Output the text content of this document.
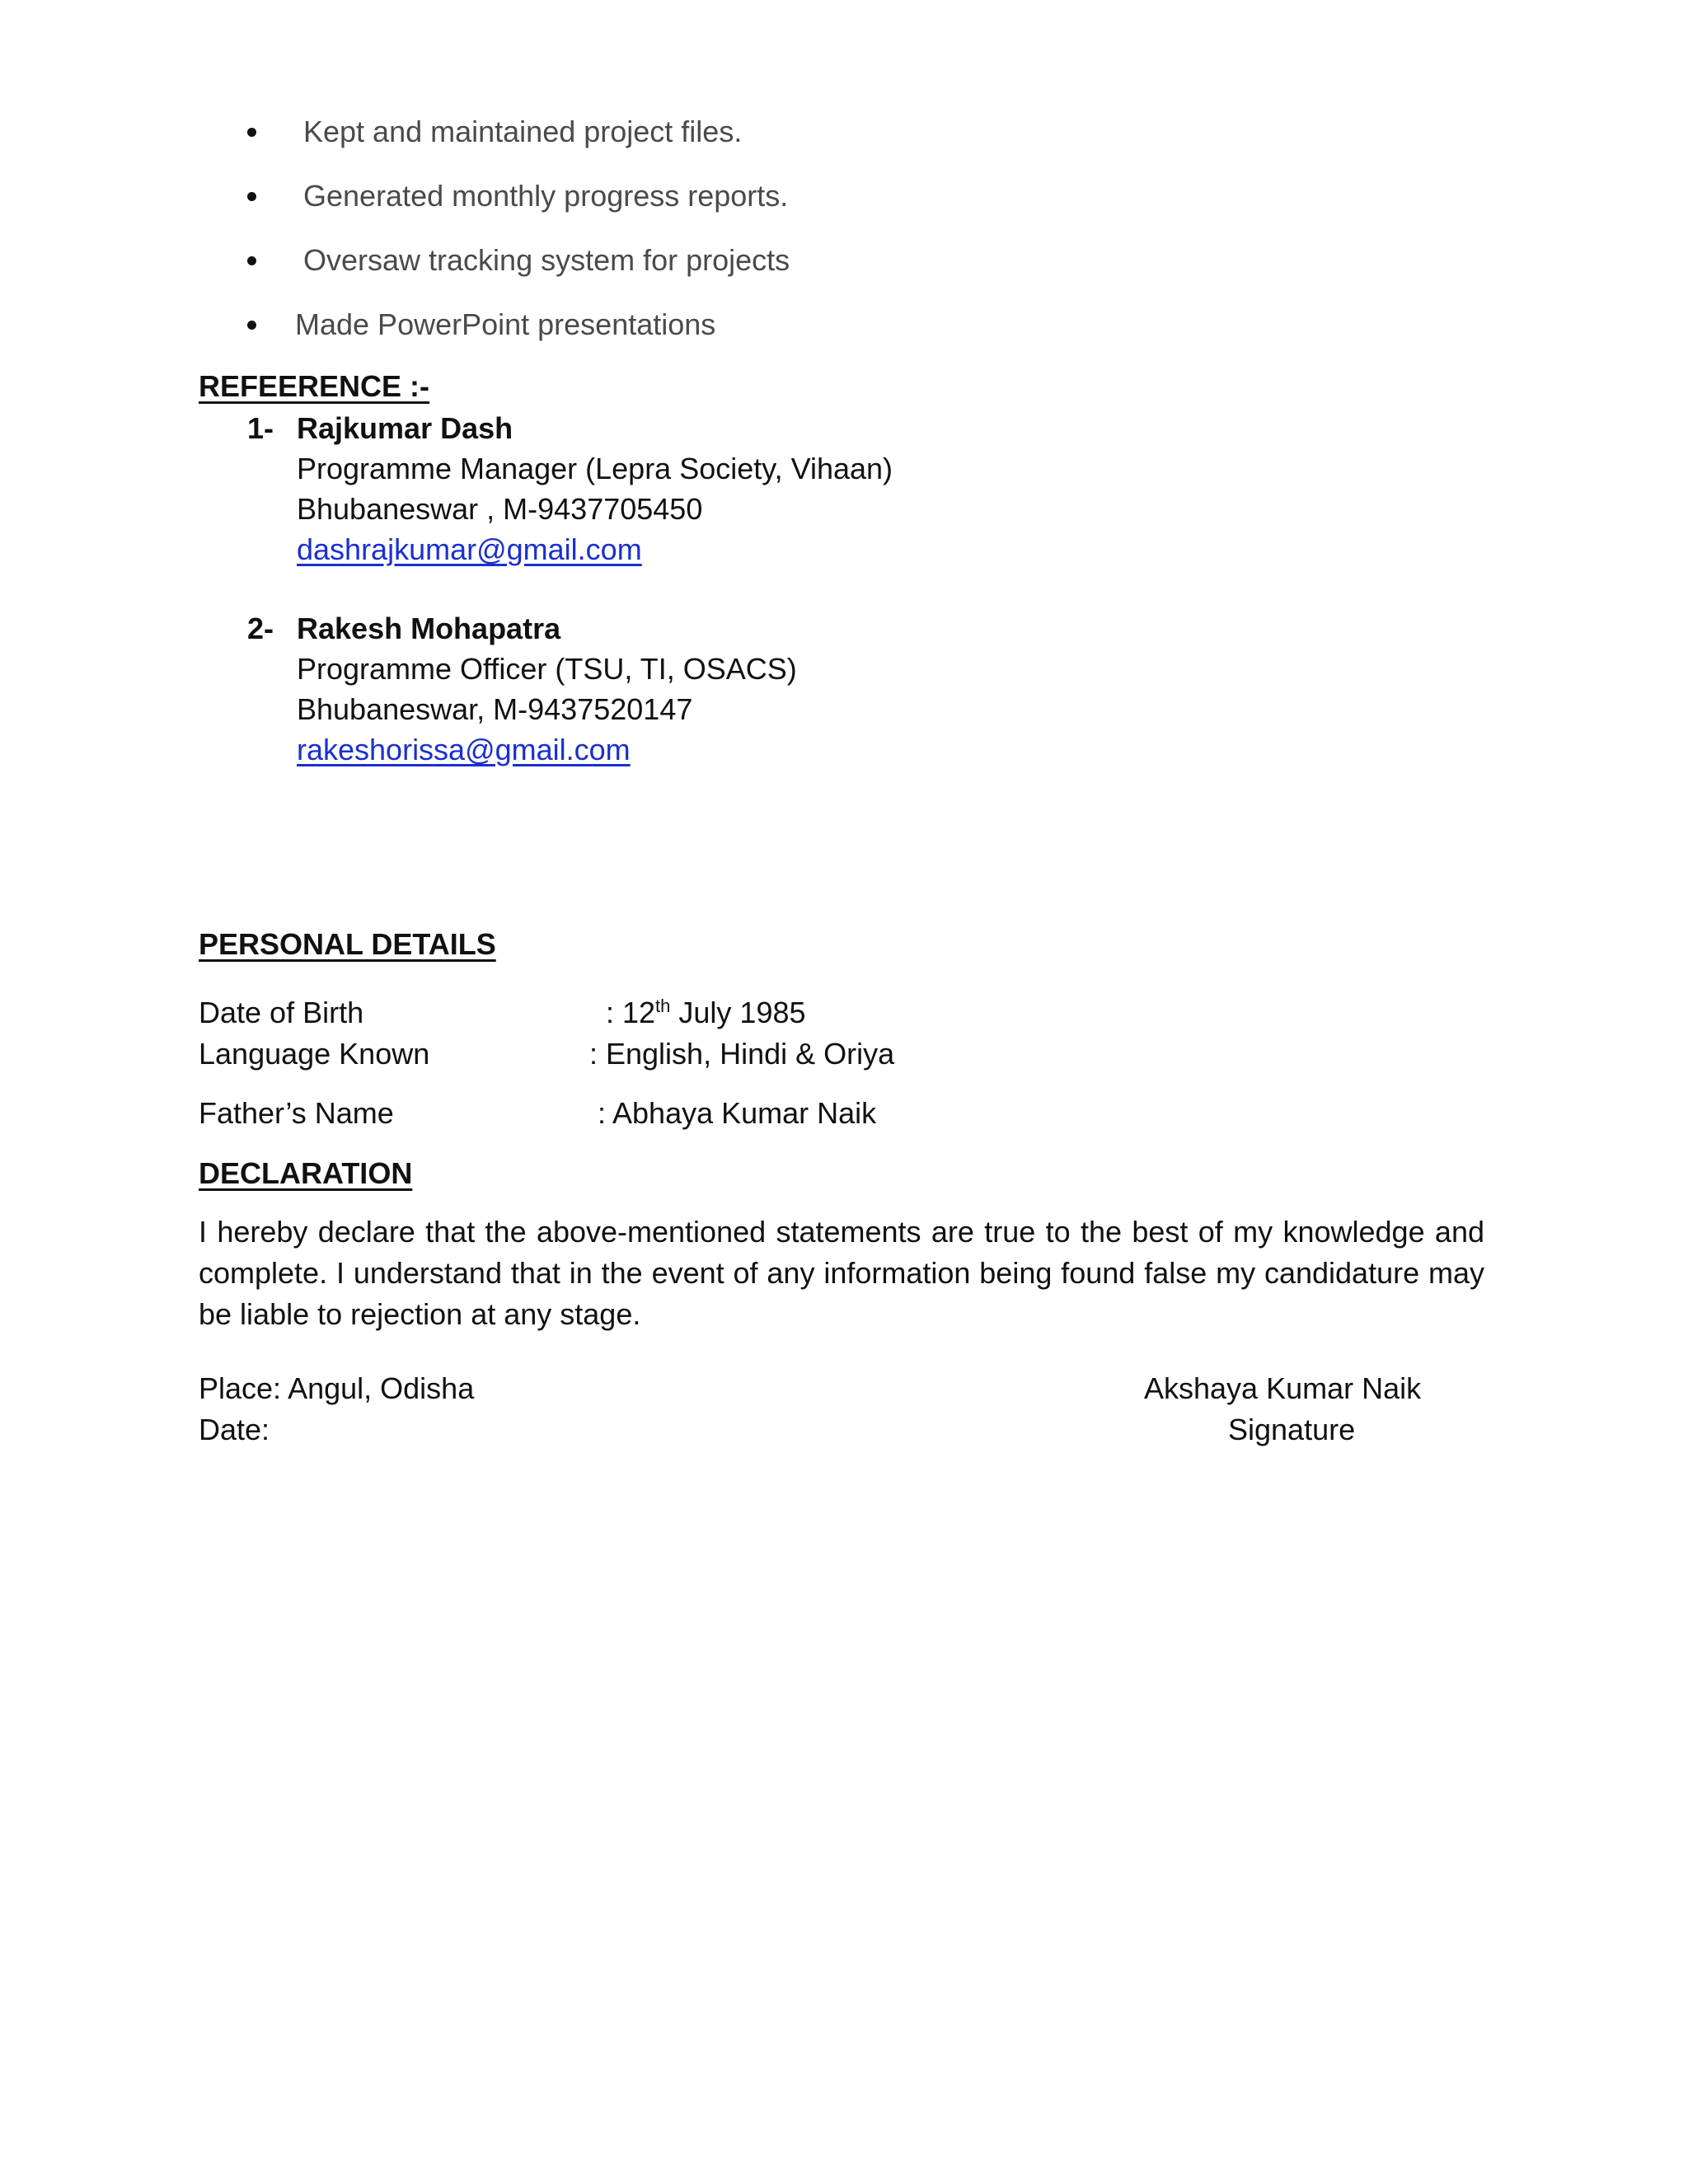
Kept and maintained project files.
Generated monthly progress reports.
Oversaw tracking system for projects
Made PowerPoint presentations
REFEERENCE :-
1- Rajkumar Dash
Programme Manager (Lepra Society, Vihaan)
Bhubaneswar , M-9437705450
dashrajkumar@gmail.com
2- Rakesh Mohapatra
Programme Officer (TSU, TI, OSACS)
Bhubaneswar, M-9437520147
rakeshorissa@gmail.com
PERSONAL DETAILS
Date of Birth	: 12th July 1985
Language Known	: English, Hindi & Oriya
Father’s Name	: Abhaya Kumar Naik
DECLARATION
I hereby declare that the above-mentioned statements are true to the best of my knowledge and complete. I understand that in the event of any information being found false my candidature may be liable to rejection at any stage.
Place: Angul, Odisha
Date:
Akshaya Kumar Naik
Signature
